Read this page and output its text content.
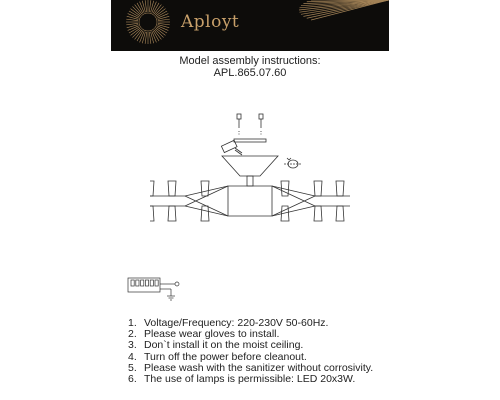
Aployt
Model assembly instructions:
APL.865.07.60
1. Voltage/Frequency: 220-230V 50-60Hz.
2. Please wear gloves to install.
3. Don`t install it on the moist ceiling.
4. Turn off the power before cleanout.
5. Please wash with the sanitizer without corrosivity.
6. The use of lamps is permissible: LED 20x3W.
